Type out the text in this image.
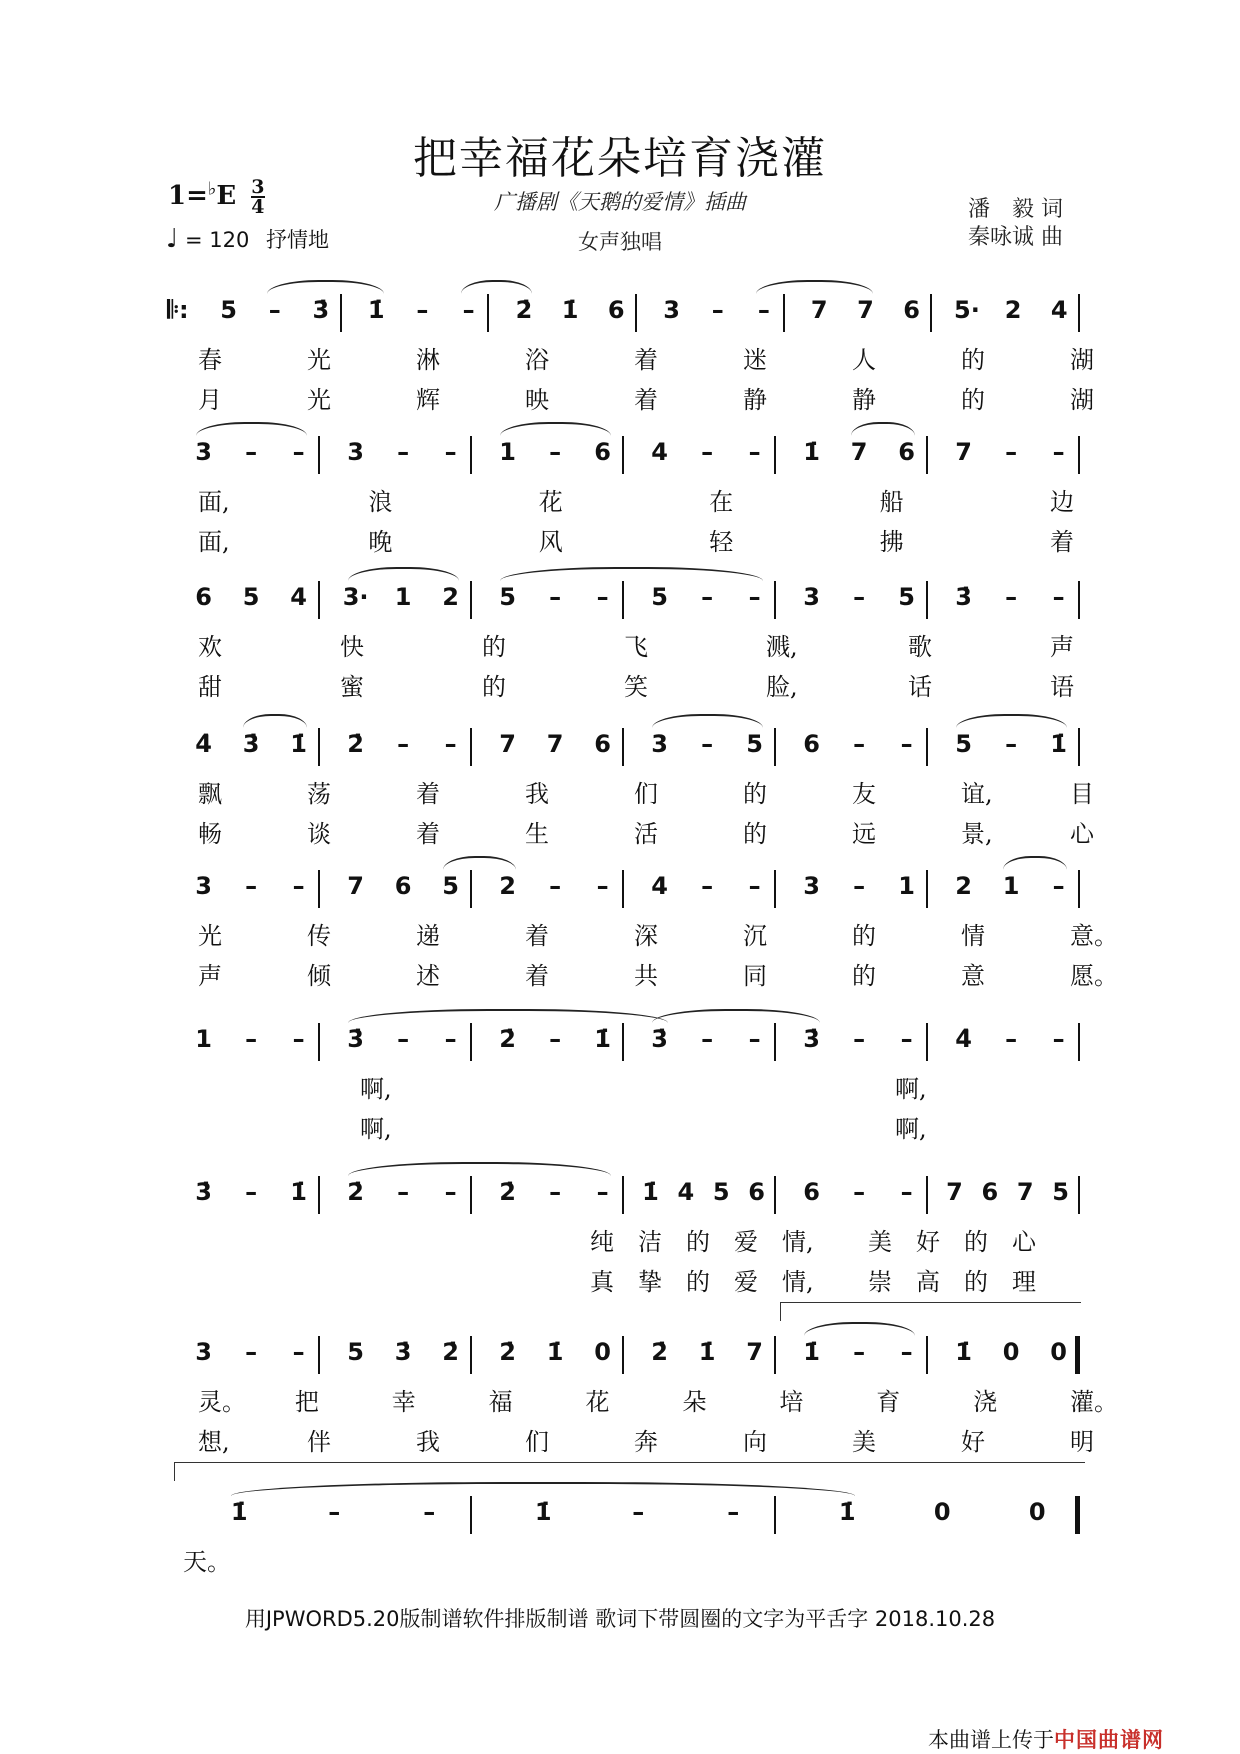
把幸福花朵培育浇灌
广播剧《天鹅的爱情》插曲
女声独唱
潘　毅 词
秦咏诚 曲
$1=^♭E \frac{3}{4}$
♩ = 120 抒情地
𝄆: 5	–	3̇ 1̇	–	–	2̇ 1̇ 6 3	–	–	7 7 6 5· 2 4
春	光	淋	浴	着	迷	人	的	湖
月	光	辉	映	着	静	静	的	湖
3	–	–	3	–	–	1	–	6 4	–	–	1̇ 7 6 7	–	–
面,	浪	花	在	船	边
面,	晚	风	轻	拂	着
6 5 4 3· 1 2 5	–	–	5	–	–	3	–	5 3̇	–	–
欢	快	的	飞	溅,	歌	声
甜	蜜	的	笑	脸,	话	语
4̇ 3̇ 1̇ 2̇	–	–	7 7 6 3	–	5 6	–	–	5	–	1̇
飘	荡	着	我	们	的	友	谊,	目
畅	谈	着	生	活	的	远	景,	心
3	–	–	7 6 5 2	–	–	4	–	–	3	–	1 2 1	–
光	传	递	着	深	沉	的	情	意。
声	倾	述	着	共	同	的	意	愿。
1	–	–	3̇	–	–	2̇	–	1̇ 3̇	–	–	3̇	–	–	4̇	–	–
啊,	啊,
啊,	啊,
3̇	–	1̇ 2̇	–	–	2̇	–	–	1̇ 4 5 6 6	–	–	7 6 7 5
纯 洁 的 爱 情, 美 好 的 心
真 挚 的 爱 情, 崇 高 的 理
3	–	–	5 3̇ 2̇ 2̇ 1̇ 0 2̇ 1̇ 7 1̇	–	–	1̇ 0 0
灵。 把	幸	福	花	朵	培	育	浇	灌。
想,	伴	我	们	奔	向	美	好	明
1̇	–	–	1̇	–	–	1̇	0	0
天。
用JPWORD5.20版制谱软件排版制谱 歌词下带圆圈的文字为平舌字 2018.10.28
本曲谱上传于中国曲谱网
